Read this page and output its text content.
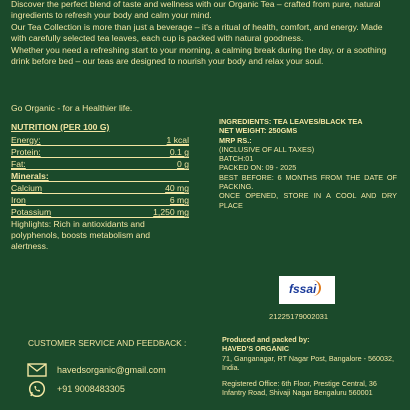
Discover the perfect blend of taste and wellness with our Organic Tea – crafted from pure, natural ingredients to refresh your body and calm your mind.

Our Tea Collection is more than just a beverage – it's a ritual of health, comfort, and energy. Made with carefully selected tea leaves, each cup is packed with natural goodness.

Whether you need a refreshing start to your morning, a calming break during the day, or a soothing drink before bed – our teas are designed to nourish your body and relax your soul.

Go Organic - for a Healthier life.
NUTRITION (PER 100 G)
Energy:	1 kcal
Protein:	0.1 g
Fat:	0 g
Minerals:
Calcium	40 mg
Iron	6 mg
Potassium	1,250 mg
Highlights: Rich in antioxidants and polyphenols, boosts metabolism and alertness.
INGREDIENTS: TEA LEAVES/BLACK TEA
NET WEIGHT: 250GMS
MRP RS.:
(INCLUSIVE OF ALL TAXES)
BATCH:01
PACKED ON: 09 - 2025
BEST BEFORE: 6 MONTHS FROM THE DATE OF PACKING.
ONCE OPENED, STORE IN A COOL AND DRY PLACE
fssai
21225179002031
CUSTOMER SERVICE AND FEEDBACK :
havedsorganic@gmail.com
+91 9008483305
Produced and packed by:
HAVED'S ORGANIC
71, Ganganagar, RT Nagar Post, Bangalore - 560032, India.
Registered Office: 6th Floor, Prestige Central, 36 Infantry Road, Shivaji Nagar Bengaluru 560001
